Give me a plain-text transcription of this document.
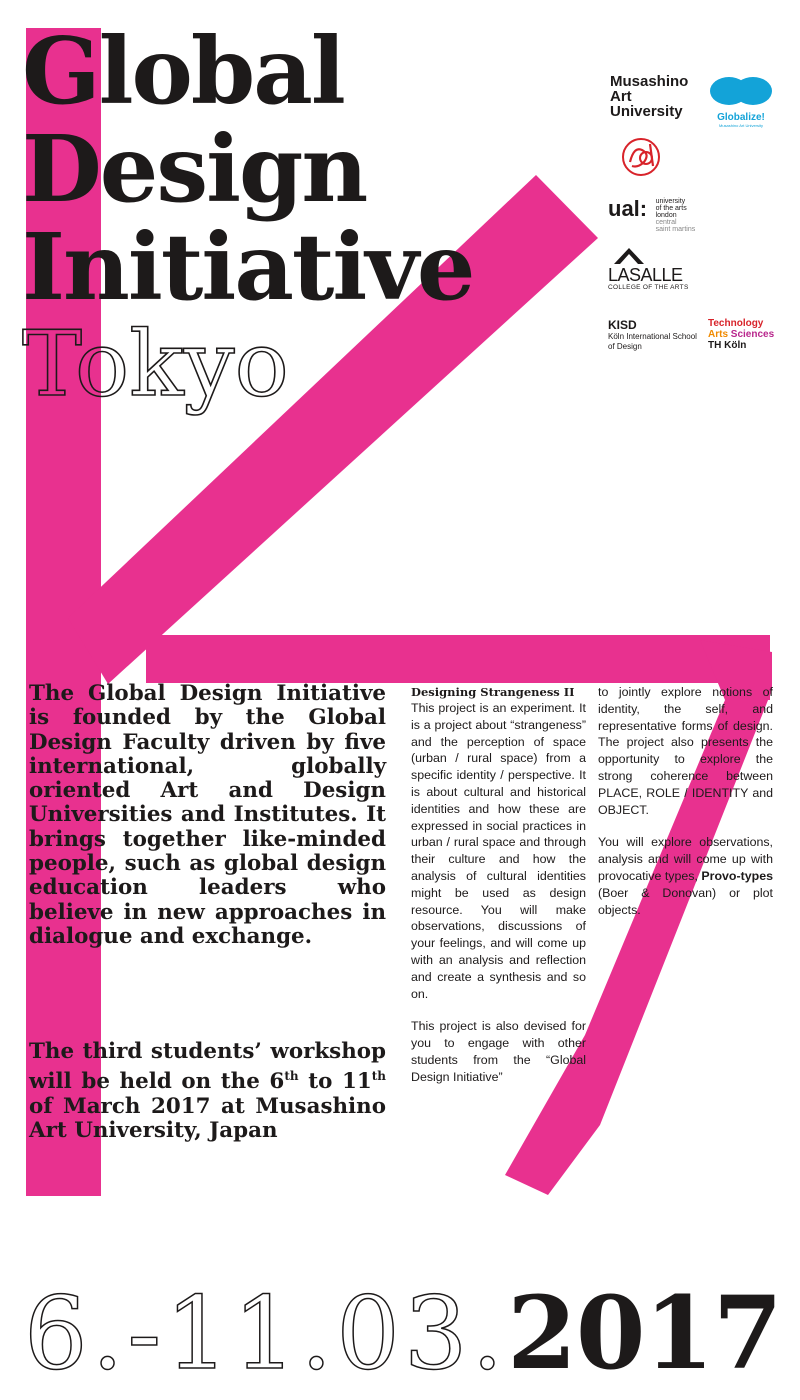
Global
Design
Initiative
Tokyo
Musashino
Art
University	Globalize!
Musashino Art University
ual: university
of the arts
london
central
saint martins
LASALLE
COLLEGE OF THE ARTS
KISD
Köln International School of Design
Technology
Arts Sciences
TH Köln

The Global Design Initiative is founded by the Global Design Faculty driven by five international, globally oriented Art and Design Universities and Institutes. It brings together like-minded people, such as global design education leaders who believe in new approaches in dialogue and exchange.

The third students’ workshop will be held on the 6th to 11th of March 2017 at Musashino Art University, Japan

Designing Strangeness II
This project is an experiment. It is a project about “strangeness” and the perception of space (urban / rural space) from a specific identity / perspective. It is about cultural and historical identities and how these are expressed in social practices in urban / rural space and through their culture and how the analysis of cultural identities might be used as design resource. You will make observations, discussions of your feelings, and will come up with an analysis and reflection and create a synthesis and so on.

This project is also devised for you to engage with other students from the “Global Design Initiative”

to jointly explore notions of identity, the self, and representative forms of design. The project also presents the opportunity to explore the strong coherence between PLACE, ROLE / IDENTITY and OBJECT.

You will explore observations, analysis and will come up with provocative types, Provo-types (Boer & Donovan) or plot objects.

6.-11.03.2017
